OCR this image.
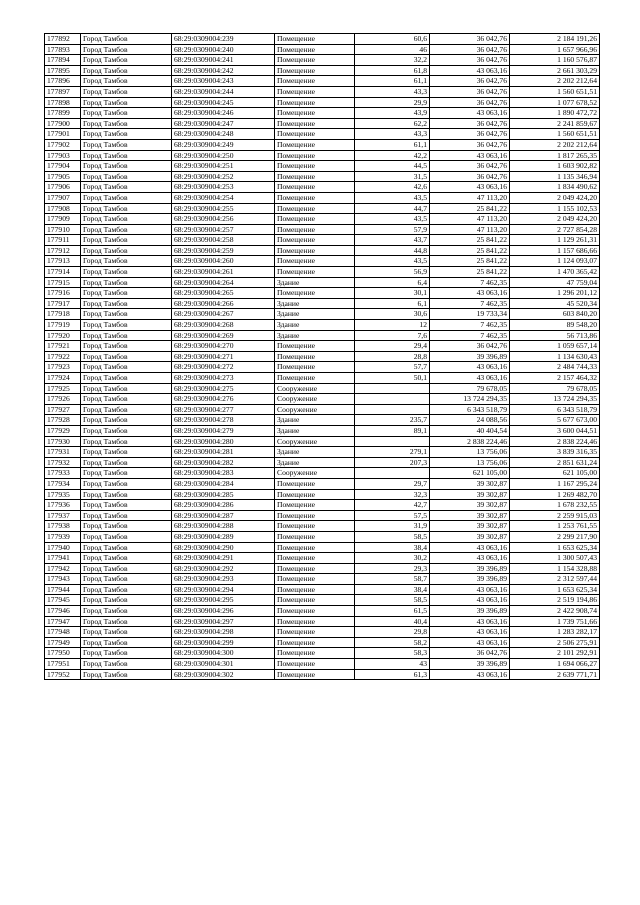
177892	Город Тамбов	68:29:0309004:239	Помещение	60,6	36 042,76	2 184 191,26
177893	Город Тамбов	68:29:0309004:240	Помещение	46	36 042,76	1 657 966,96
177894	Город Тамбов	68:29:0309004:241	Помещение	32,2	36 042,76	1 160 576,87
177895	Город Тамбов	68:29:0309004:242	Помещение	61,8	43 063,16	2 661 303,29
177896	Город Тамбов	68:29:0309004:243	Помещение	61,1	36 042,76	2 202 212,64
177897	Город Тамбов	68:29:0309004:244	Помещение	43,3	36 042,76	1 560 651,51
177898	Город Тамбов	68:29:0309004:245	Помещение	29,9	36 042,76	1 077 678,52
177899	Город Тамбов	68:29:0309004:246	Помещение	43,9	43 063,16	1 890 472,72
177900	Город Тамбов	68:29:0309004:247	Помещение	62,2	36 042,76	2 241 859,67
177901	Город Тамбов	68:29:0309004:248	Помещение	43,3	36 042,76	1 560 651,51
177902	Город Тамбов	68:29:0309004:249	Помещение	61,1	36 042,76	2 202 212,64
177903	Город Тамбов	68:29:0309004:250	Помещение	42,2	43 063,16	1 817 265,35
177904	Город Тамбов	68:29:0309004:251	Помещение	44,5	36 042,76	1 603 902,82
177905	Город Тамбов	68:29:0309004:252	Помещение	31,5	36 042,76	1 135 346,94
177906	Город Тамбов	68:29:0309004:253	Помещение	42,6	43 063,16	1 834 490,62
177907	Город Тамбов	68:29:0309004:254	Помещение	43,5	47 113,20	2 049 424,20
177908	Город Тамбов	68:29:0309004:255	Помещение	44,7	25 841,22	1 155 102,53
177909	Город Тамбов	68:29:0309004:256	Помещение	43,5	47 113,20	2 049 424,20
177910	Город Тамбов	68:29:0309004:257	Помещение	57,9	47 113,20	2 727 854,28
177911	Город Тамбов	68:29:0309004:258	Помещение	43,7	25 841,22	1 129 261,31
177912	Город Тамбов	68:29:0309004:259	Помещение	44,8	25 841,22	1 157 686,66
177913	Город Тамбов	68:29:0309004:260	Помещение	43,5	25 841,22	1 124 093,07
177914	Город Тамбов	68:29:0309004:261	Помещение	56,9	25 841,22	1 470 365,42
177915	Город Тамбов	68:29:0309004:264	Здание	6,4	7 462,35	47 759,04
177916	Город Тамбов	68:29:0309004:265	Помещение	30,1	43 063,16	1 296 201,12
177917	Город Тамбов	68:29:0309004:266	Здание	6,1	7 462,35	45 520,34
177918	Город Тамбов	68:29:0309004:267	Здание	30,6	19 733,34	603 840,20
177919	Город Тамбов	68:29:0309004:268	Здание	12	7 462,35	89 548,20
177920	Город Тамбов	68:29:0309004:269	Здание	7,6	7 462,35	56 713,86
177921	Город Тамбов	68:29:0309004:270	Помещение	29,4	36 042,76	1 059 657,14
177922	Город Тамбов	68:29:0309004:271	Помещение	28,8	39 396,89	1 134 630,43
177923	Город Тамбов	68:29:0309004:272	Помещение	57,7	43 063,16	2 484 744,33
177924	Город Тамбов	68:29:0309004:273	Помещение	50,1	43 063,16	2 157 464,32
177925	Город Тамбов	68:29:0309004:275	Сооружение		79 678,05	79 678,05
177926	Город Тамбов	68:29:0309004:276	Сооружение		13 724 294,35	13 724 294,35
177927	Город Тамбов	68:29:0309004:277	Сооружение		6 343 518,79	6 343 518,79
177928	Город Тамбов	68:29:0309004:278	Здание	235,7	24 088,56	5 677 673,00
177929	Город Тамбов	68:29:0309004:279	Здание	89,1	40 404,54	3 600 044,51
177930	Город Тамбов	68:29:0309004:280	Сооружение		2 838 224,46	2 838 224,46
177931	Город Тамбов	68:29:0309004:281	Здание	279,1	13 756,06	3 839 316,35
177932	Город Тамбов	68:29:0309004:282	Здание	207,3	13 756,06	2 851 631,24
177933	Город Тамбов	68:29:0309004:283	Сооружение		621 105,00	621 105,00
177934	Город Тамбов	68:29:0309004:284	Помещение	29,7	39 302,87	1 167 295,24
177935	Город Тамбов	68:29:0309004:285	Помещение	32,3	39 302,87	1 269 482,70
177936	Город Тамбов	68:29:0309004:286	Помещение	42,7	39 302,87	1 678 232,55
177937	Город Тамбов	68:29:0309004:287	Помещение	57,5	39 302,87	2 259 915,03
177938	Город Тамбов	68:29:0309004:288	Помещение	31,9	39 302,87	1 253 761,55
177939	Город Тамбов	68:29:0309004:289	Помещение	58,5	39 302,87	2 299 217,90
177940	Город Тамбов	68:29:0309004:290	Помещение	38,4	43 063,16	1 653 625,34
177941	Город Тамбов	68:29:0309004:291	Помещение	30,2	43 063,16	1 300 507,43
177942	Город Тамбов	68:29:0309004:292	Помещение	29,3	39 396,89	1 154 328,88
177943	Город Тамбов	68:29:0309004:293	Помещение	58,7	39 396,89	2 312 597,44
177944	Город Тамбов	68:29:0309004:294	Помещение	38,4	43 063,16	1 653 625,34
177945	Город Тамбов	68:29:0309004:295	Помещение	58,5	43 063,16	2 519 194,86
177946	Город Тамбов	68:29:0309004:296	Помещение	61,5	39 396,89	2 422 908,74
177947	Город Тамбов	68:29:0309004:297	Помещение	40,4	43 063,16	1 739 751,66
177948	Город Тамбов	68:29:0309004:298	Помещение	29,8	43 063,16	1 283 282,17
177949	Город Тамбов	68:29:0309004:299	Помещение	58,2	43 063,16	2 506 275,91
177950	Город Тамбов	68:29:0309004:300	Помещение	58,3	36 042,76	2 101 292,91
177951	Город Тамбов	68:29:0309004:301	Помещение	43	39 396,89	1 694 066,27
177952	Город Тамбов	68:29:0309004:302	Помещение	61,3	43 063,16	2 639 771,71
